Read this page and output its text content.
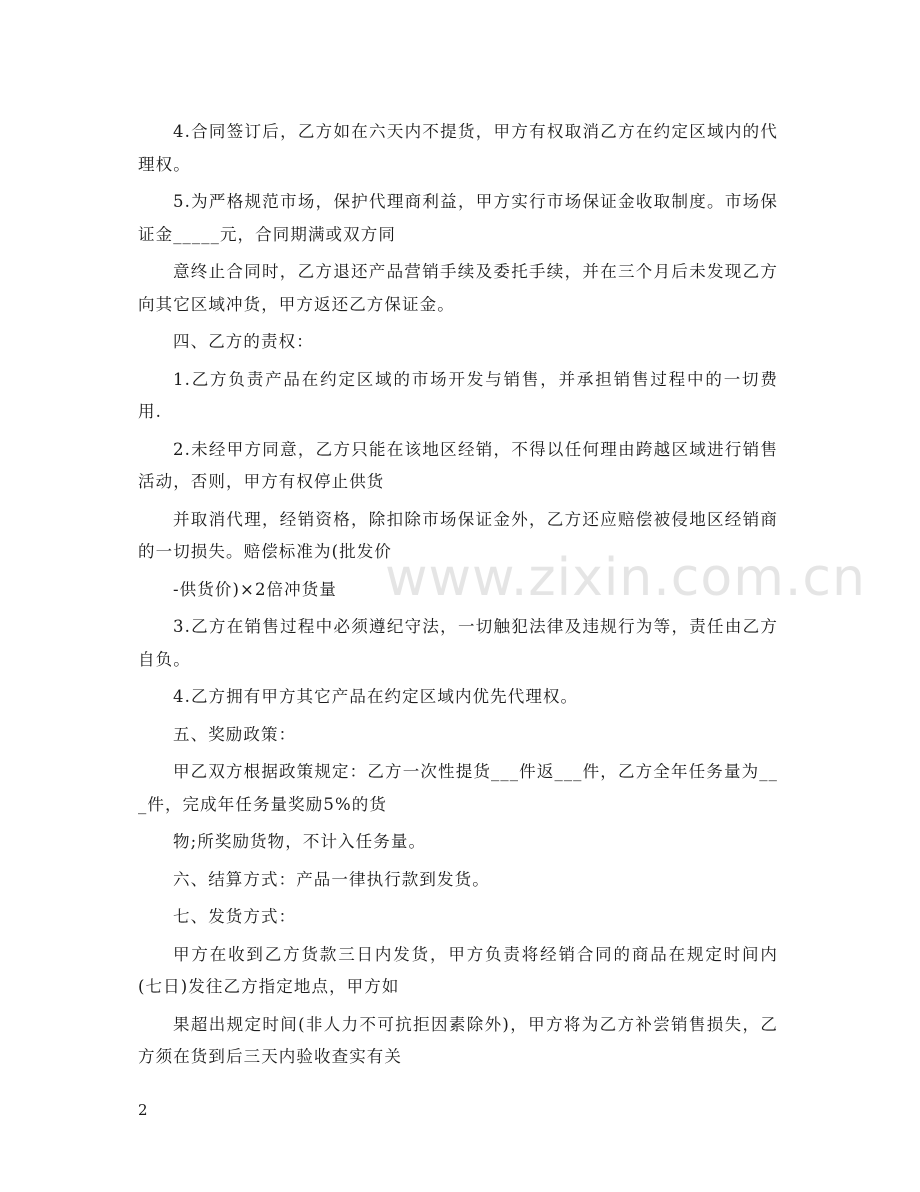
4.合同签订后，乙方如在六天内不提货，甲方有权取消乙方在约定区域内的代理权。

5.为严格规范市场，保护代理商利益，甲方实行市场保证金收取制度。市场保证金_____元，合同期满或双方同

意终止合同时，乙方退还产品营销手续及委托手续，并在三个月后未发现乙方向其它区域冲货，甲方返还乙方保证金。

四、乙方的责权：

1.乙方负责产品在约定区域的市场开发与销售，并承担销售过程中的一切费用.

2.未经甲方同意，乙方只能在该地区经销，不得以任何理由跨越区域进行销售活动，否则，甲方有权停止供货

并取消代理，经销资格，除扣除市场保证金外，乙方还应赔偿被侵地区经销商的一切损失。赔偿标准为(批发价

-供货价)×2倍冲货量

3.乙方在销售过程中必须遵纪守法，一切触犯法律及违规行为等，责任由乙方自负。

4.乙方拥有甲方其它产品在约定区域内优先代理权。

五、奖励政策：

甲乙双方根据政策规定：乙方一次性提货___件返___件，乙方全年任务量为___件，完成年任务量奖励5%的货

物;所奖励货物，不计入任务量。

六、结算方式：产品一律执行款到发货。

七、发货方式：

甲方在收到乙方货款三日内发货，甲方负责将经销合同的商品在规定时间内(七日)发往乙方指定地点，甲方如

果超出规定时间(非人力不可抗拒因素除外)，甲方将为乙方补尝销售损失，乙方须在货到后三天内验收查实有关

www.zixin.com.cn
2
